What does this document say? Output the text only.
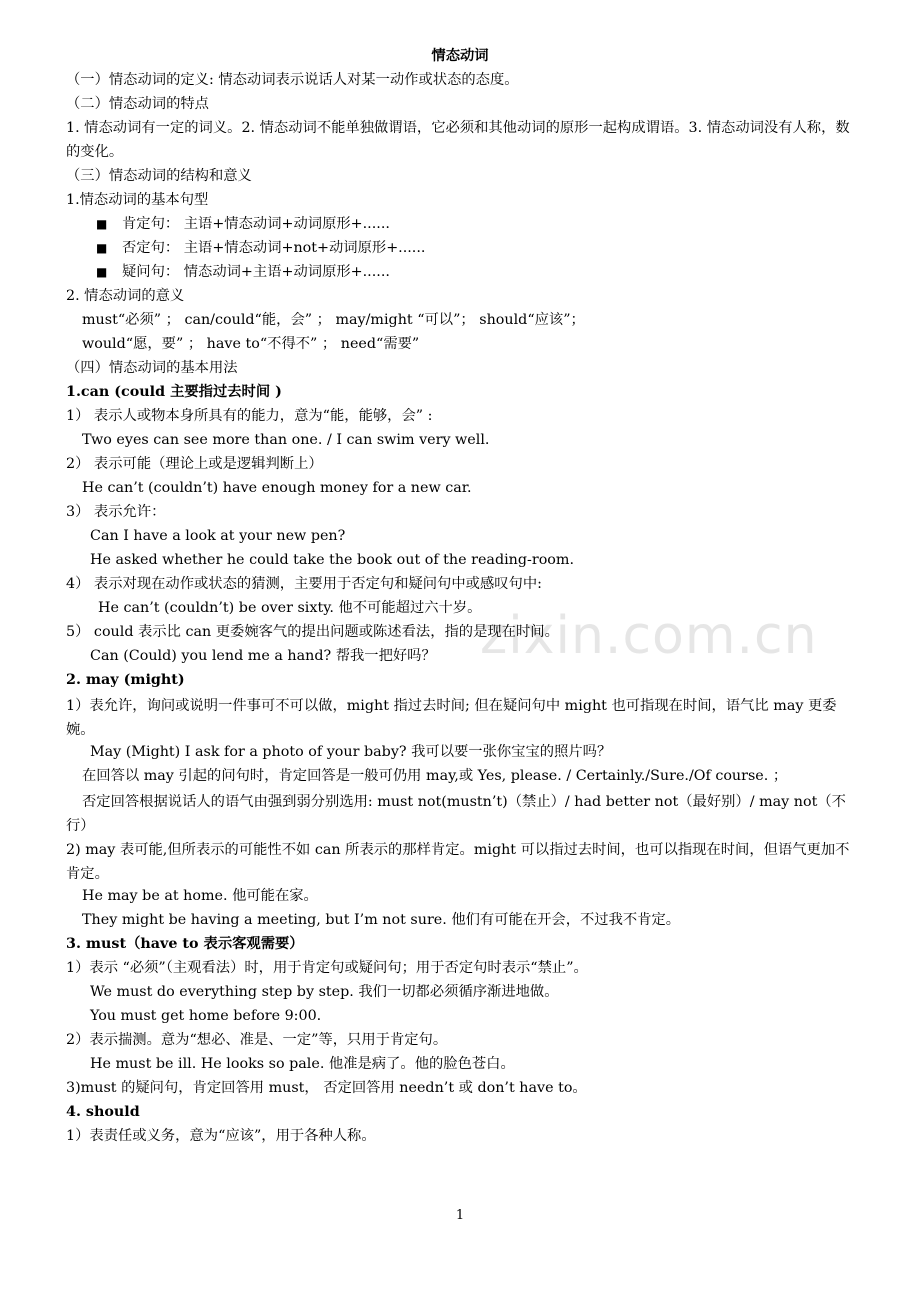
zixin.com.cn
情态动词
（一）情态动词的定义: 情态动词表示说话人对某一动作或状态的态度。
（二）情态动词的特点
1. 情态动词有一定的词义。2. 情态动词不能单独做谓语，它必须和其他动词的原形一起构成谓语。3. 情态动词没有人称，数的变化。
（三）情态动词的结构和意义
1.情态动词的基本句型
■ 肯定句： 主语+情态动词+动词原形+......
■ 否定句： 主语+情态动词+not+动词原形+......
■ 疑问句： 情态动词+主语+动词原形+......
2. 情态动词的意义
must“必须” ； can/could“能，会” ； may/might “可以”； should“应该”；
would“愿，要” ； have to“不得不” ； need“需要”
（四）情态动词的基本用法
1.can (could 主要指过去时间 )
1） 表示人或物本身所具有的能力，意为“能，能够，会” :
Two eyes can see more than one. / I can swim very well.
2） 表示可能（理论上或是逻辑判断上）
He can’t (couldn’t) have enough money for a new car.
3） 表示允许：
Can I have a look at your new pen?
He asked whether he could take the book out of the reading-room.
4） 表示对现在动作或状态的猜测，主要用于否定句和疑问句中或感叹句中:
He can’t (couldn’t) be over sixty. 他不可能超过六十岁。
5） could 表示比 can 更委婉客气的提出问题或陈述看法，指的是现在时间。
Can (Could) you lend me a hand? 帮我一把好吗？
2. may (might)
1）表允许，询问或说明一件事可不可以做，might 指过去时间; 但在疑问句中 might 也可指现在时间，语气比 may 更委婉。
May (Might) I ask for a photo of your baby? 我可以要一张你宝宝的照片吗？
在回答以 may 引起的问句时，肯定回答是一般可仍用 may,或 Yes, please. / Certainly./Sure./Of course. ；
否定回答根据说话人的语气由强到弱分别选用: must not(mustn’t)（禁止）/ had better not（最好别）/ may not（不行）
2) may 表可能,但所表示的可能性不如 can 所表示的那样肯定。might 可以指过去时间，也可以指现在时间，但语气更加不肯定。
He may be at home. 他可能在家。
They might be having a meeting, but I’m not sure. 他们有可能在开会，不过我不肯定。
3. must（have to 表示客观需要）
1）表示 “必须”（主观看法）时，用于肯定句或疑问句；用于否定句时表示“禁止”。
We must do everything step by step. 我们一切都必须循序渐进地做。
You must get home before 9:00.
2）表示揣测。意为“想必、准是、一定”等，只用于肯定句。
He must be ill. He looks so pale. 他准是病了。他的脸色苍白。
3)must 的疑问句，肯定回答用 must， 否定回答用 needn’t 或 don’t have to。
4. should
1）表责任或义务，意为“应该”，用于各种人称。
1
